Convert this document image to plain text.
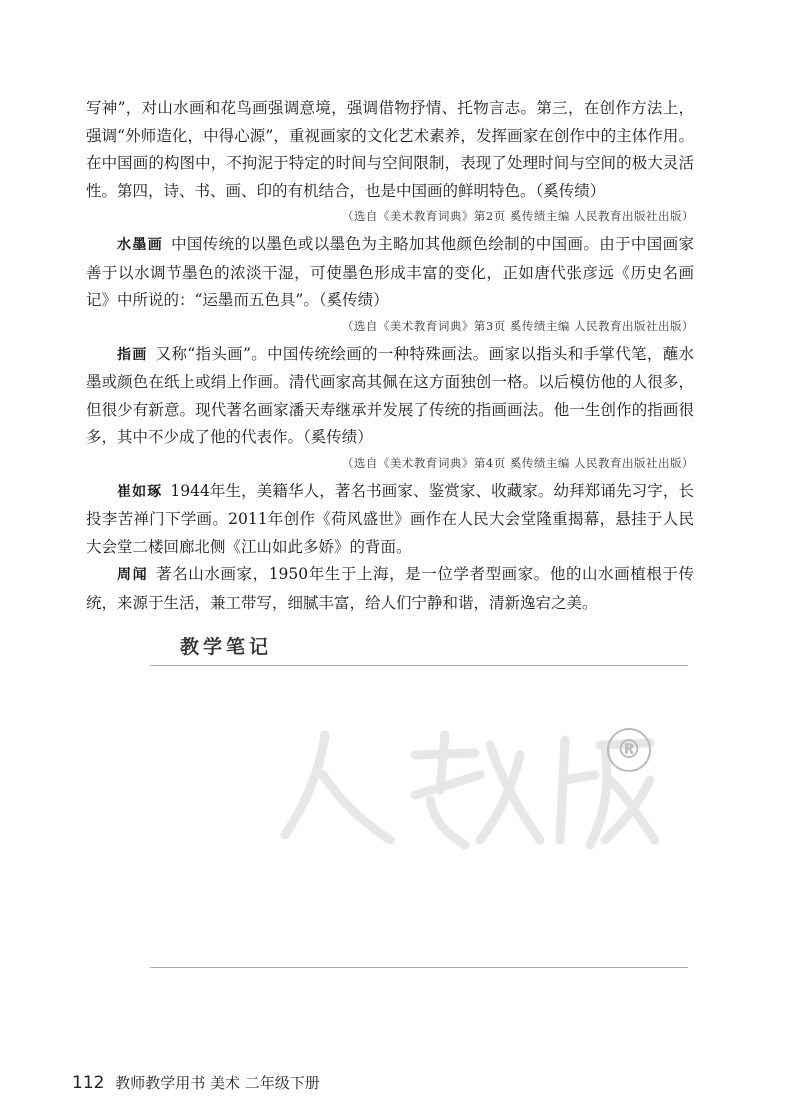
写神”，对山水画和花鸟画强调意境，强调借物抒情、托物言志。第三，在创作方法上，强调“外师造化，中得心源”，重视画家的文化艺术素养，发挥画家在创作中的主体作用。在中国画的构图中，不拘泥于特定的时间与空间限制，表现了处理时间与空间的极大灵活性。第四，诗、书、画、印的有机结合，也是中国画的鲜明特色。（奚传绩）

（选自《美术教育词典》第2页 奚传绩主编 人民教育出版社出版）

水墨画 中国传统的以墨色或以墨色为主略加其他颜色绘制的中国画。由于中国画家善于以水调节墨色的浓淡干湿，可使墨色形成丰富的变化，正如唐代张彦远《历史名画记》中所说的：“运墨而五色具”。（奚传绩）

（选自《美术教育词典》第3页 奚传绩主编 人民教育出版社出版）

指画 又称“指头画”。中国传统绘画的一种特殊画法。画家以指头和手掌代笔，蘸水墨或颜色在纸上或绢上作画。清代画家高其佩在这方面独创一格。以后模仿他的人很多，但很少有新意。现代著名画家潘天寿继承并发展了传统的指画画法。他一生创作的指画很多，其中不少成了他的代表作。（奚传绩）

（选自《美术教育词典》第4页 奚传绩主编 人民教育出版社出版）

崔如琢 1944年生，美籍华人，著名书画家、鉴赏家、收藏家。幼拜郑诵先习字，长投李苦禅门下学画。2011年创作《荷风盛世》画作在人民大会堂隆重揭幕，悬挂于人民大会堂二楼回廊北侧《江山如此多娇》的背面。

周闻 著名山水画家，1950年生于上海，是一位学者型画家。他的山水画植根于传统，来源于生活，兼工带写，细腻丰富，给人们宁静和谐，清新逸宕之美。

教学笔记
®
112 教师教学用书 美术 二年级下册
